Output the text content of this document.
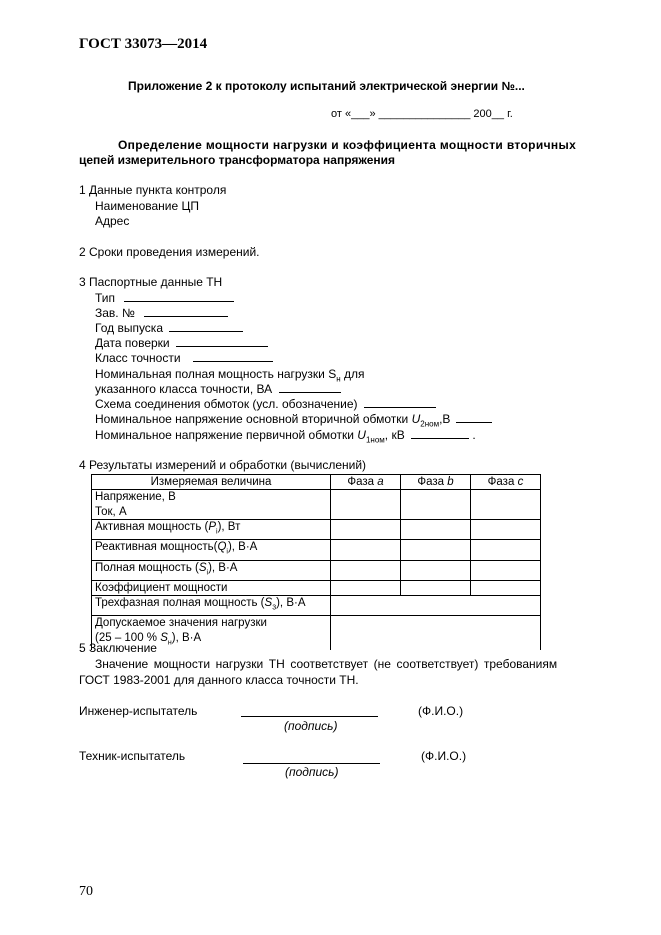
ГОСТ 33073—2014
Приложение 2 к протоколу испытаний электрической энергии №...
от «___» _______________ 200__ г.
Определение мощности нагрузки и коэффициента мощности вторичных
цепей измерительного трансформатора напряжения
1 Данные пункта контроля
Наименование ЦП
Адрес
2 Сроки проведения измерений.
3 Паспортные данные ТН
Тип
Зав. №
Год выпуска
Дата поверки
Класс точности
Номинальная полная мощность нагрузки $S_н$ для
указанного класса точности, ВА
Схема соединения обмоток (усл. обозначение)
Номинальное напряжение основной вторичной обмотки $U_{2ном},В$
Номинальное напряжение первичной обмотки $U_{1ном}$, кВ	.
4 Результаты измерений и обработки (вычислений)
Измеряемая величина	Фаза a	Фаза b	Фаза c

Напряжение, В
Ток, А			

Активная мощность $(P_i)$, Вт			
Реактивная $мощность(Q_i)$, В·А			
Полная мощность $(S_i)$, В·А			
Коэффициент мощности			
Трехфазная полная мощность $(S_3)$, В·А			

Допускаемое значения нагрузки
(25 – 100 % $S_н$), В·А			

5 Заключение
Значение мощности нагрузки ТН соответствует (не соответствует) требованиям
ГОСТ 1983-2001 для данного класса точности ТН.
Инженер-испытатель	(Ф.И.О.)
(подпись)
Техник-испытатель	(Ф.И.О.)
(подпись)
70
